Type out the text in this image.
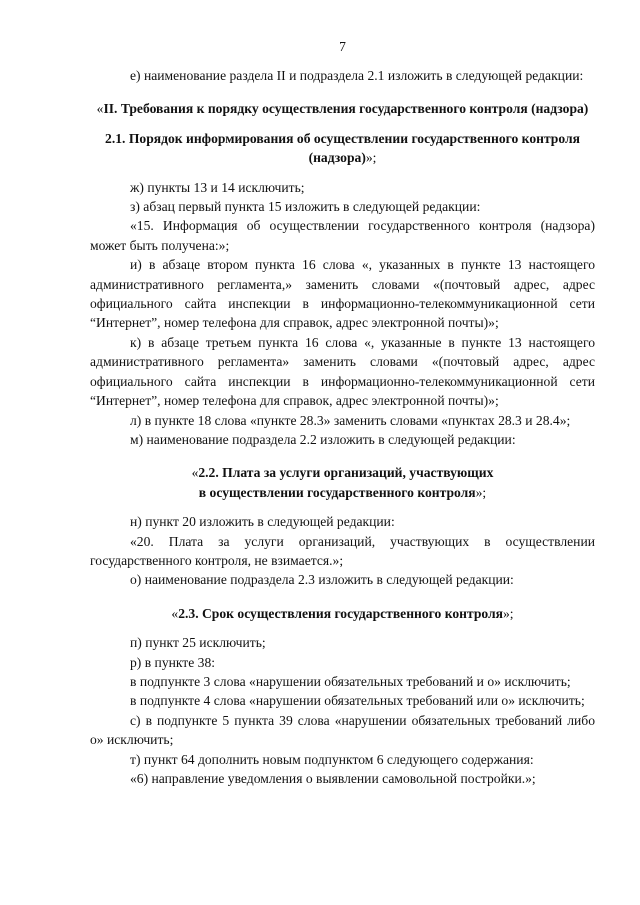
7

е) наименование раздела II и подраздела 2.1 изложить в следующей редакции:

«II. Требования к порядку осуществления государственного контроля (надзора)

2.1. Порядок информирования об осуществлении государственного контроля (надзора)»;

ж) пункты 13 и 14 исключить;

з) абзац первый пункта 15 изложить в следующей редакции:

«15. Информация об осуществлении государственного контроля (надзора) может быть получена:»;

и) в абзаце втором пункта 16 слова «, указанных в пункте 13 настоящего административного регламента,» заменить словами «(почтовый адрес, адрес официального сайта инспекции в информационно-телекоммуникационной сети “Интернет”, номер телефона для справок, адрес электронной почты)»;

к) в абзаце третьем пункта 16 слова «, указанные в пункте 13 настоящего административного регламента» заменить словами «(почтовый адрес, адрес официального сайта инспекции в информационно-телекоммуникационной сети “Интернет”, номер телефона для справок, адрес электронной почты)»;

л) в пункте 18 слова «пункте 28.3» заменить словами «пунктах 28.3 и 28.4»;

м) наименование подраздела 2.2 изложить в следующей редакции:

«2.2. Плата за услуги организаций, участвующих
в осуществлении государственного контроля»;

н) пункт 20 изложить в следующей редакции:

«20. Плата за услуги организаций, участвующих в осуществлении государственного контроля, не взимается.»;

о) наименование подраздела 2.3 изложить в следующей редакции:

«2.3. Срок осуществления государственного контроля»;

п) пункт 25 исключить;

р) в пункте 38:

в подпункте 3 слова «нарушении обязательных требований и о» исключить;

в подпункте 4 слова «нарушении обязательных требований или о» исключить;

с) в подпункте 5 пункта 39 слова «нарушении обязательных требований либо о» исключить;

т) пункт 64 дополнить новым подпунктом 6 следующего содержания:

«6) направление уведомления о выявлении самовольной постройки.»;
